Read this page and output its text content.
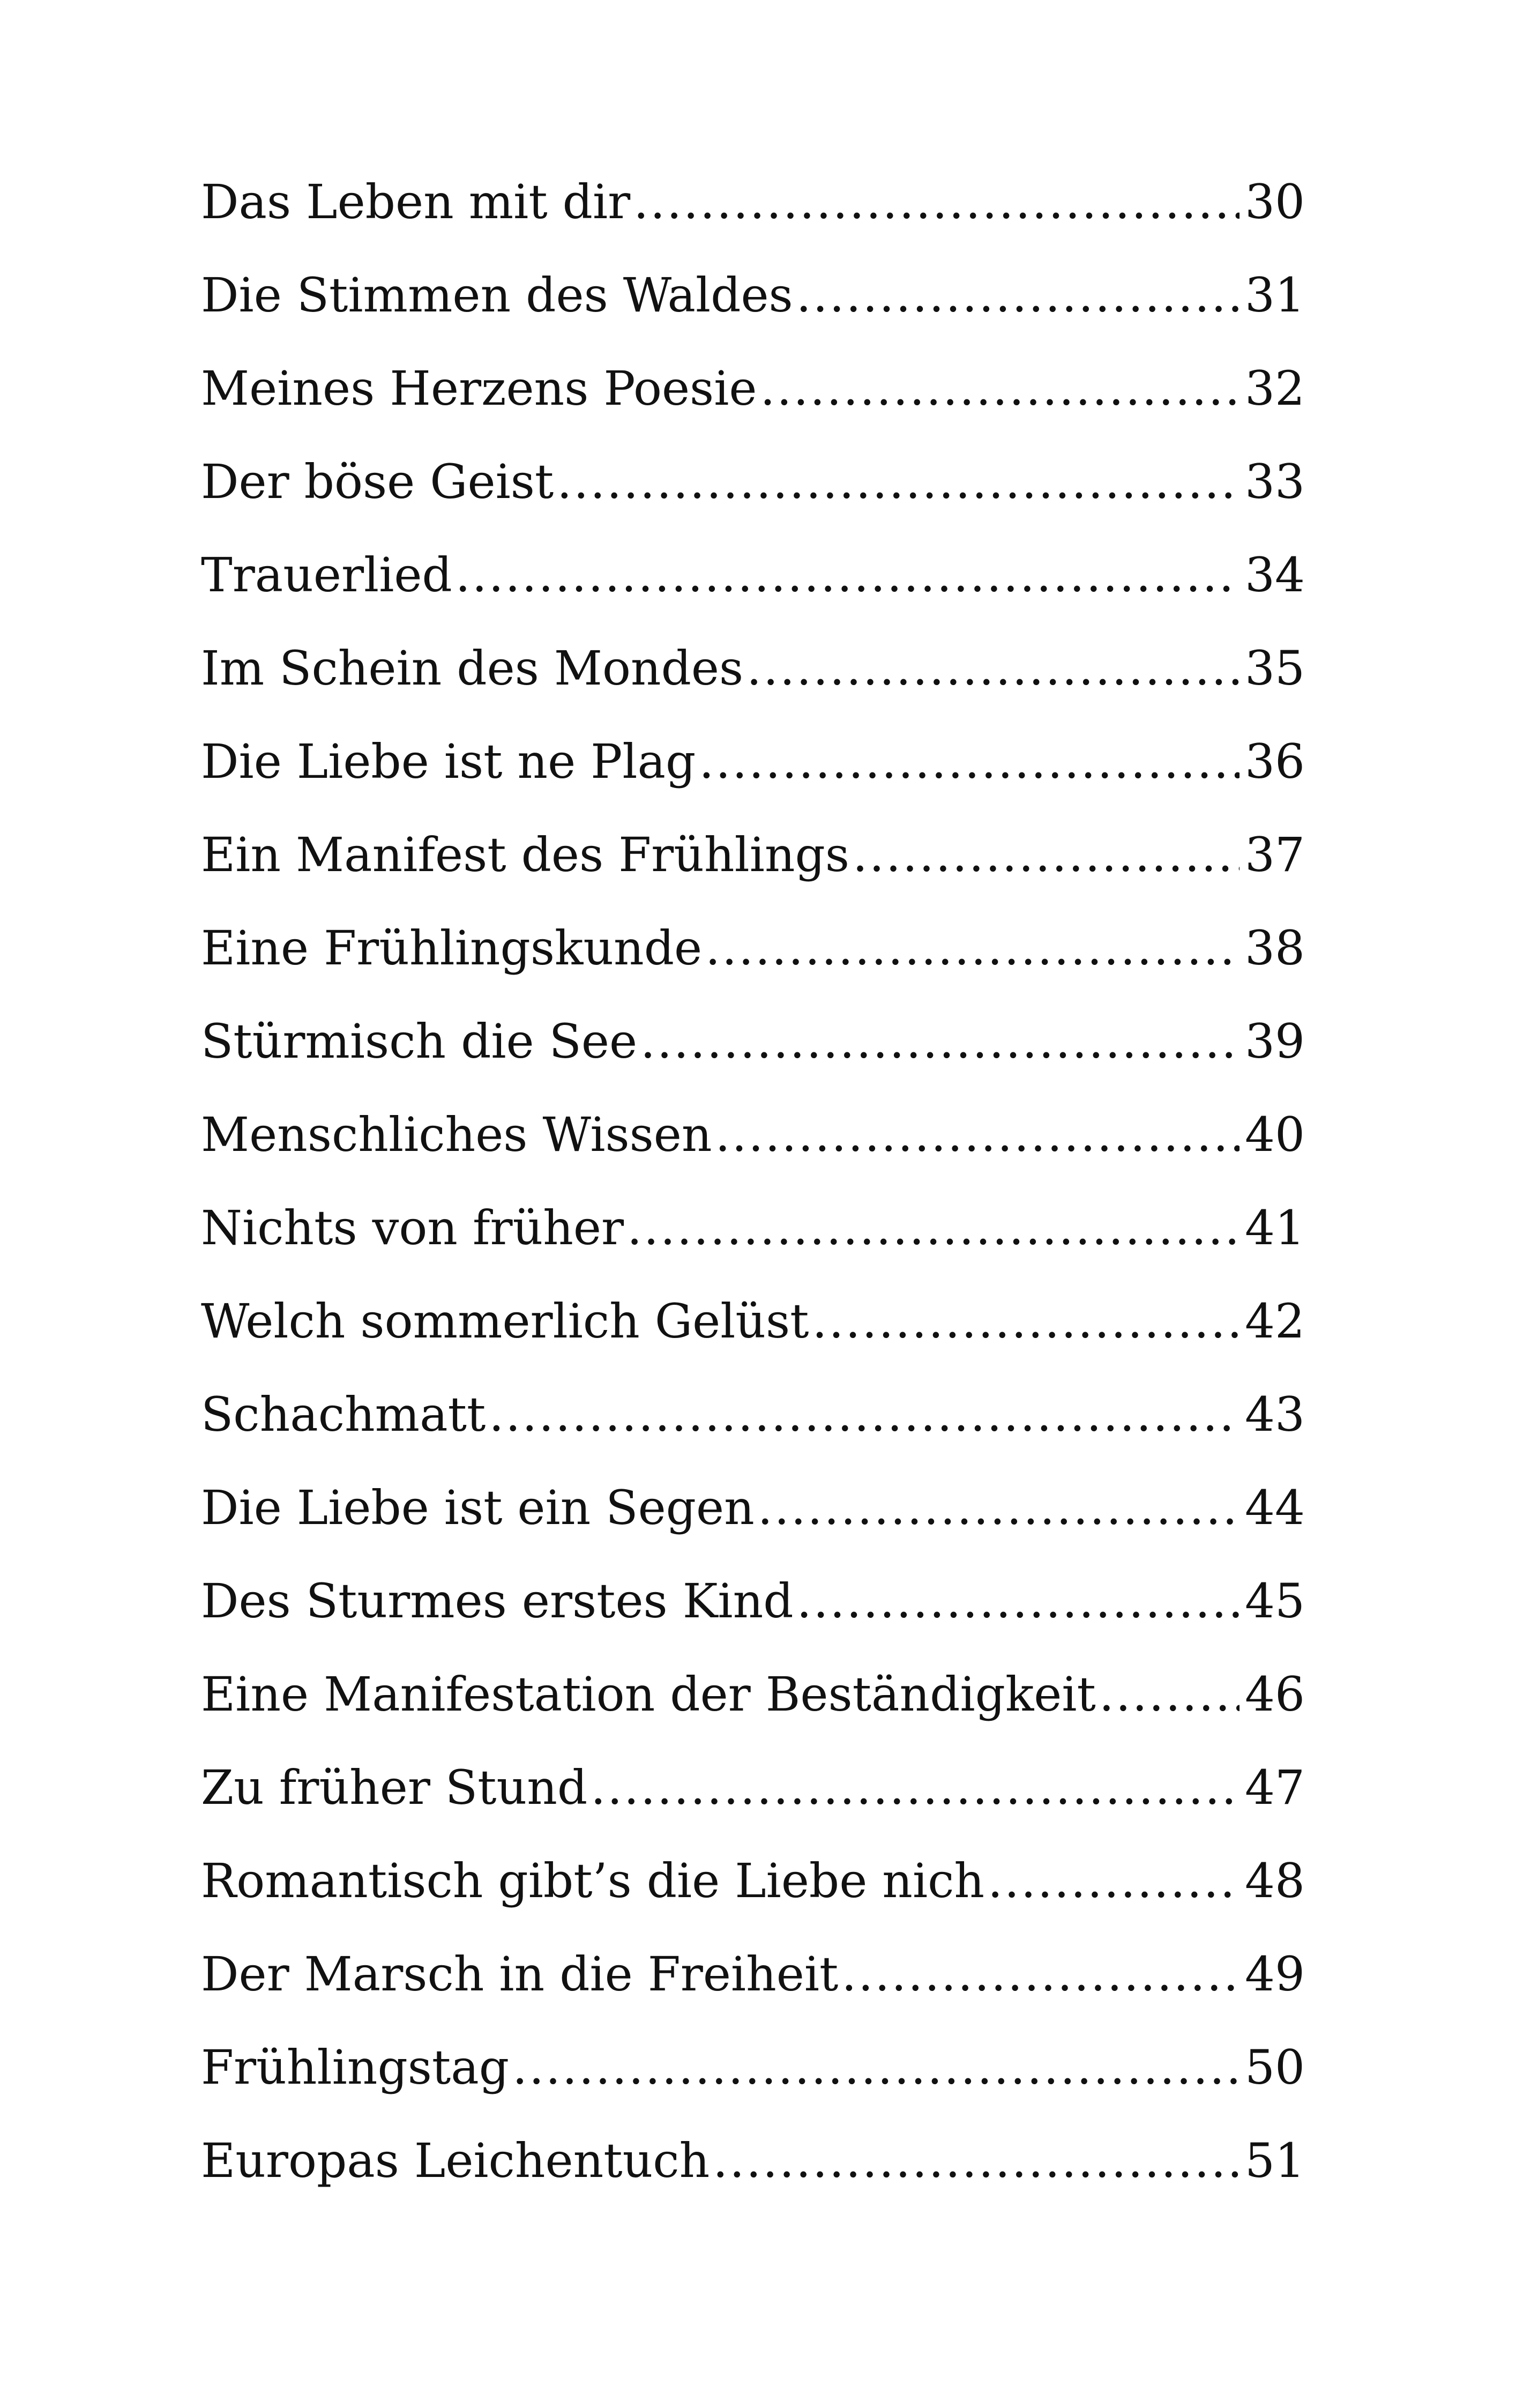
Das Leben mit dir .....	30
Die Stimmen des Waldes .....	31
Meines Herzens Poesie .....	32
Der böse Geist .....	33
Trauerlied .....	34
Im Schein des Mondes .....	35
Die Liebe ist ne Plag .....	36
Ein Manifest des Frühlings .....	37
Eine Frühlingskunde .....	38
Stürmisch die See .....	39
Menschliches Wissen .....	40
Nichts von früher .....	41
Welch sommerlich Gelüst .....	42
Schachmatt .....	43
Die Liebe ist ein Segen .....	44
Des Sturmes erstes Kind .....	45
Eine Manifestation der Beständigkeit .....	46
Zu früher Stund .....	47
Romantisch gibt’s die Liebe nich .....	48
Der Marsch in die Freiheit .....	49
Frühlingstag .....	50
Europas Leichentuch .....	51
